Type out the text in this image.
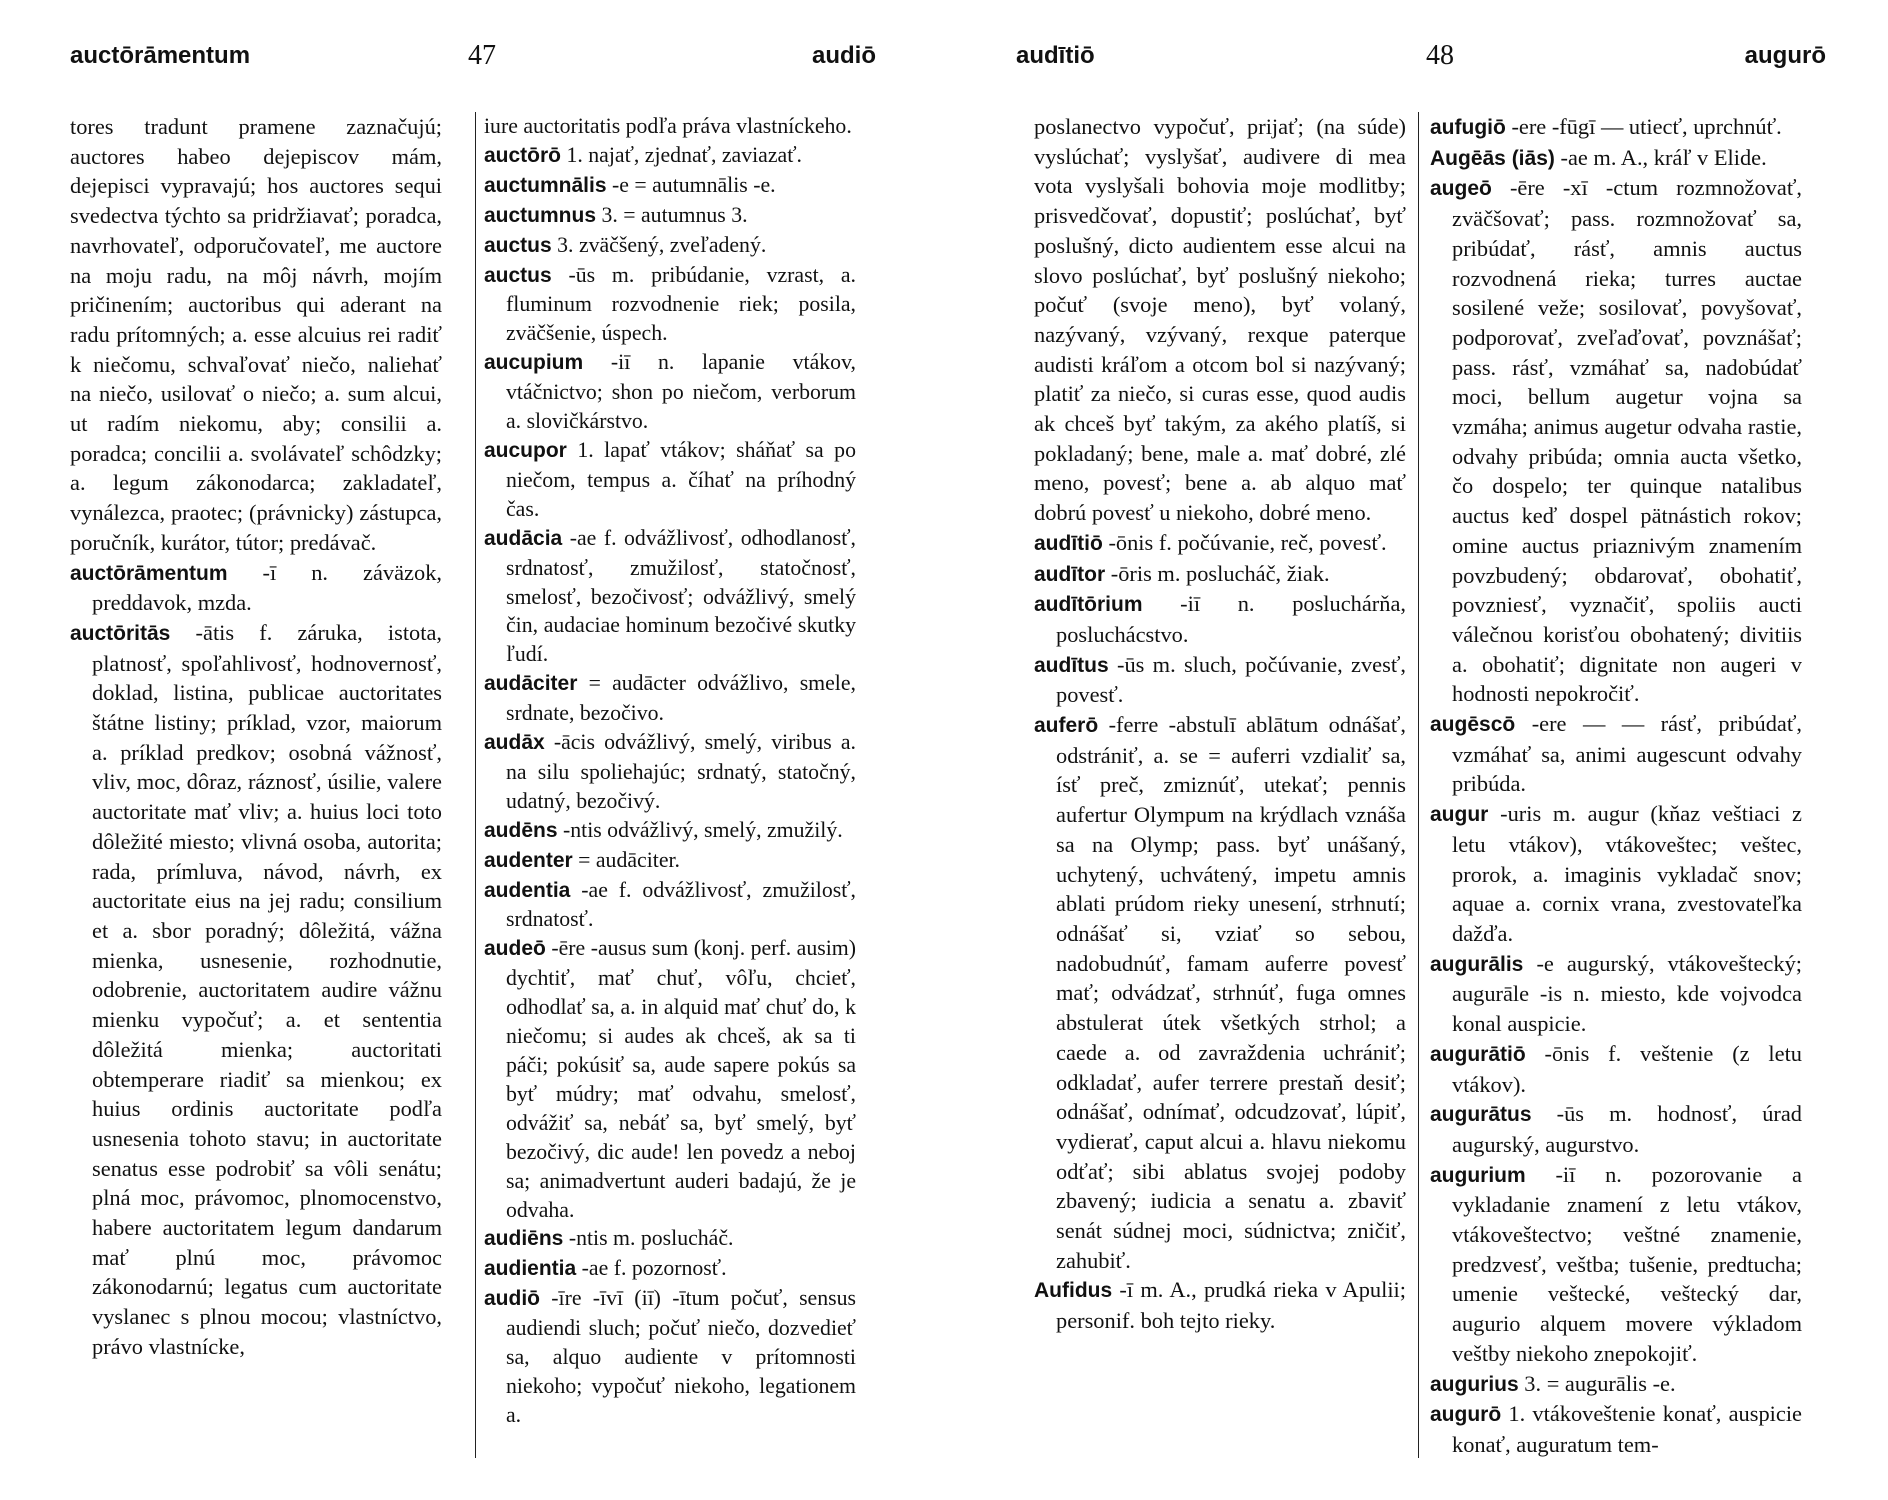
auctōrāmentum	47	audiō

tores tradunt pramene zaznačujú; auctores habeo dejepiscov mám, dejepisci vypravajú; hos auctores sequi svedectva týchto sa pridržiavať; poradca, navrhovateľ, odporučovateľ, me auctore na moju radu, na môj návrh, mojím pričinením; auctoribus qui aderant na radu prítomných; a. esse alcuius rei radiť k niečomu, schvaľovať niečo, naliehať na niečo, usilovať o niečo; a. sum alcui, ut radím niekomu, aby; consilii a. poradca; concilii a. svolávateľ schôdzky; a. legum zákonodarca; zakladateľ, vynálezca, praotec; (právnicky) zástupca, poručník, kurátor, tútor; predávač.

auctōrāmentum -ī n. záväzok, preddavok, mzda.

auctōritās -ātis f. záruka, istota, platnosť, spoľahlivosť, hodnovernosť, doklad, listina, publicae auctoritates štátne listiny; príklad, vzor, maiorum a. príklad predkov; osobná vážnosť, vliv, moc, dôraz, ráznosť, úsilie, valere auctoritate mať vliv; a. huius loci toto dôležité miesto; vlivná osoba, autorita; rada, prímluva, návod, návrh, ex auctoritate eius na jej radu; consilium et a. sbor poradný; dôležitá, vážna mienka, usnesenie, rozhodnutie, odobrenie, auctoritatem audire vážnu mienku vypočuť; a. et sententia dôležitá mienka; auctoritati obtemperare riadiť sa mienkou; ex huius ordinis auctoritate podľa usnesenia tohoto stavu; in auctoritate senatus esse podrobiť sa vôli senátu; plná moc, právomoc, plnomocenstvo, habere auctoritatem legum dandarum mať plnú moc, právomoc zákonodarnú; legatus cum auctoritate vyslanec s plnou mocou; vlastníctvo, právo vlastnícke,

iure auctoritatis podľa práva vlastníckeho.

auctōrō 1. najať, zjednať, zaviazať.

auctumnālis -e = autumnālis -e.

auctumnus 3. = autumnus 3.

auctus 3. zväčšený, zveľadený.

auctus -ūs m. pribúdanie, vzrast, a. fluminum rozvodnenie riek; posila, zväčšenie, úspech.

aucupium -iī n. lapanie vtákov, vtáčnictvo; shon po niečom, verborum a. slovičkárstvo.

aucupor 1. lapať vtákov; sháňať sa po niečom, tempus a. číhať na príhodný čas.

audācia -ae f. odvážlivosť, odhodlanosť, srdnatosť, zmužilosť, statočnosť, smelosť, bezočivosť; odvážlivý, smelý čin, audaciae hominum bezočivé skutky ľudí.

audāciter = audācter odvážlivo, smele, srdnate, bezočivo.

audāx -ācis odvážlivý, smelý, viribus a. na silu spoliehajúc; srdnatý, statočný, udatný, bezočivý.

audēns -ntis odvážlivý, smelý, zmužilý.

audenter = audāciter.

audentia -ae f. odvážlivosť, zmužilosť, srdnatosť.

audeō -ēre -ausus sum (konj. perf. ausim) dychtiť, mať chuť, vôľu, chcieť, odhodlať sa, a. in alquid mať chuť do, k niečomu; si audes ak chceš, ak sa ti páči; pokúsiť sa, aude sapere pokús sa byť múdry; mať odvahu, smelosť, odvážiť sa, nebáť sa, byť smelý, byť bezočivý, dic aude! len povedz a neboj sa; animadvertunt auderi badajú, že je odvaha.

audiēns -ntis m. poslucháč.

audientia -ae f. pozornosť.

audiō -īre -īvī (iī) -ītum počuť, sensus audiendi sluch; počuť niečo, dozvedieť sa, alquo audiente v prítomnosti niekoho; vypočuť niekoho, legationem a.

audītiō	48	augurō

poslanectvo vypočuť, prijať; (na súde) vyslúchať; vyslyšať, audivere di mea vota vyslyšali bohovia moje modlitby; prisvedčovať, dopustiť; poslúchať, byť poslušný, dicto audientem esse alcui na slovo poslúchať, byť poslušný niekoho; počuť (svoje meno), byť volaný, nazývaný, vzývaný, rexque paterque audisti kráľom a otcom bol si nazývaný; platiť za niečo, si curas esse, quod audis ak chceš byť takým, za akého platíš, si pokladaný; bene, male a. mať dobré, zlé meno, povesť; bene a. ab alquo mať dobrú povesť u niekoho, dobré meno.

audītiō -ōnis f. počúvanie, reč, povesť.

audītor -ōris m. poslucháč, žiak.

audītōrium -iī n. posluchárňa, posluchácstvo.

audītus -ūs m. sluch, počúvanie, zvesť, povesť.

auferō -ferre -abstulī ablātum odnášať, odstrániť, a. se = auferri vzdialiť sa, ísť preč, zmiznúť, utekať; pennis aufertur Olympum na krýdlach vznáša sa na Olymp; pass. byť unášaný, uchytený, uchvátený, impetu amnis ablati prúdom rieky unesení, strhnutí; odnášať si, vziať so sebou, nadobudnúť, famam auferre povesť mať; odvádzať, strhnúť, fuga omnes abstulerat útek všetkých strhol; a caede a. od zavraždenia uchrániť; odkladať, aufer terrere prestaň desiť; odnášať, odnímať, odcudzovať, lúpiť, vydierať, caput alcui a. hlavu niekomu odťať; sibi ablatus svojej podoby zbavený; iudicia a senatu a. zbaviť senát súdnej moci, súdnictva; zničiť, zahubiť.

Aufidus -ī m. A., prudká rieka v Apulii; personif. boh tejto rieky.

aufugiō -ere -fūgī — utiecť, uprchnúť.

Augēās (iās) -ae m. A., kráľ v Elide.

augeō -ēre -xī -ctum rozmnožovať, zväčšovať; pass. rozmnožovať sa, pribúdať, rásť, amnis auctus rozvodnená rieka; turres auctae sosilené veže; sosilovať, povyšovať, podporovať, zveľaďovať, povznášať; pass. rásť, vzmáhať sa, nadobúdať moci, bellum augetur vojna sa vzmáha; animus augetur odvaha rastie, odvahy pribúda; omnia aucta všetko, čo dospelo; ter quinque natalibus auctus keď dospel pätnástich rokov; omine auctus priaznivým znamením povzbudený; obdarovať, obohatiť, povzniesť, vyznačiť, spoliis aucti válečnou korisťou obohatený; divitiis a. obohatiť; dignitate non augeri v hodnosti nepokročiť.

augēscō -ere — — rásť, pribúdať, vzmáhať sa, animi augescunt odvahy pribúda.

augur -uris m. augur (kňaz veštiaci z letu vtákov), vtákoveštec; veštec, prorok, a. imaginis vykladač snov; aquae a. cornix vrana, zvestovateľka dažďa.

augurālis -e augurský, vtákoveštecký; augurāle -is n. miesto, kde vojvodca konal auspicie.

augurātiō -ōnis f. veštenie (z letu vtákov).

augurātus -ūs m. hodnosť, úrad augurský, augurstvo.

augurium -iī n. pozorovanie a vykladanie znamení z letu vtákov, vtákoveštectvo; veštné znamenie, predzvesť, veštba; tušenie, predtucha; umenie veštecké, veštecký dar, augurio alquem movere výkladom veštby niekoho znepokojiť.

augurius 3. = augurālis -e.

augurō 1. vtákoveštenie konať, auspicie konať, auguratum tem-
